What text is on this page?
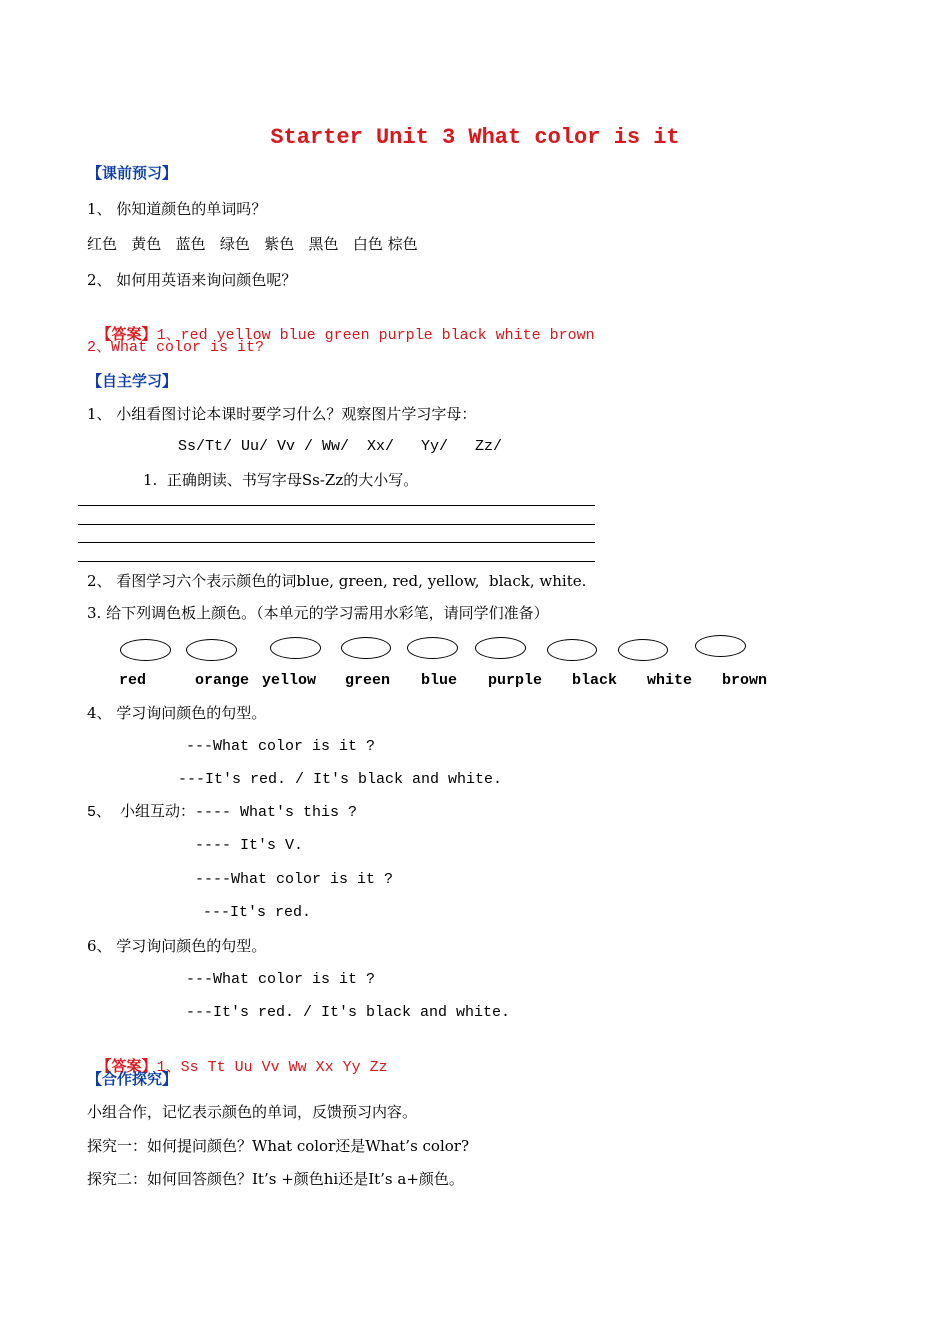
Starter Unit 3 What color is it
【课前预习】
1、 你知道颜色的单词吗？
红色   黄色   蓝色   绿色   紫色   黑色   白色 棕色
2、 如何用英语来询问颜色呢？

【答案】1、red yellow blue green purple black white brown

2、What color is it?
【自主学习】
1、 小组看图讨论本课时要学习什么？观察图片学习字母：
Ss/Tt/ Uu/ Vv / Ww/  Xx/   Yy/   Zz/
1.  正确朗读、书写字母Ss-Zz的大小写。
2、 看图学习六个表示颜色的词blue, green, red, yellow,  black, white.
3. 给下列调色板上颜色。（本单元的学习需用水彩笔，请同学们准备）
red	orange yellow green blue purple black white brown
4、 学习询问颜色的句型。
---What color is it ?
---It's red. / It's black and white.
5、 小组互动：---- What's this ?
---- It's V.
----What color is it ?
---It's red.
6、 学习询问颜色的句型。
---What color is it ?
---It's red. / It's black and white.

【答案】1、Ss Tt Uu Vv Ww Xx Yy Zz

【合作探究】
小组合作，记忆表示颜色的单词，反馈预习内容。
探究一：如何提问颜色？What color还是What’s color?
探究二：如何回答颜色？It’s +颜色hi还是It’s a+颜色。
